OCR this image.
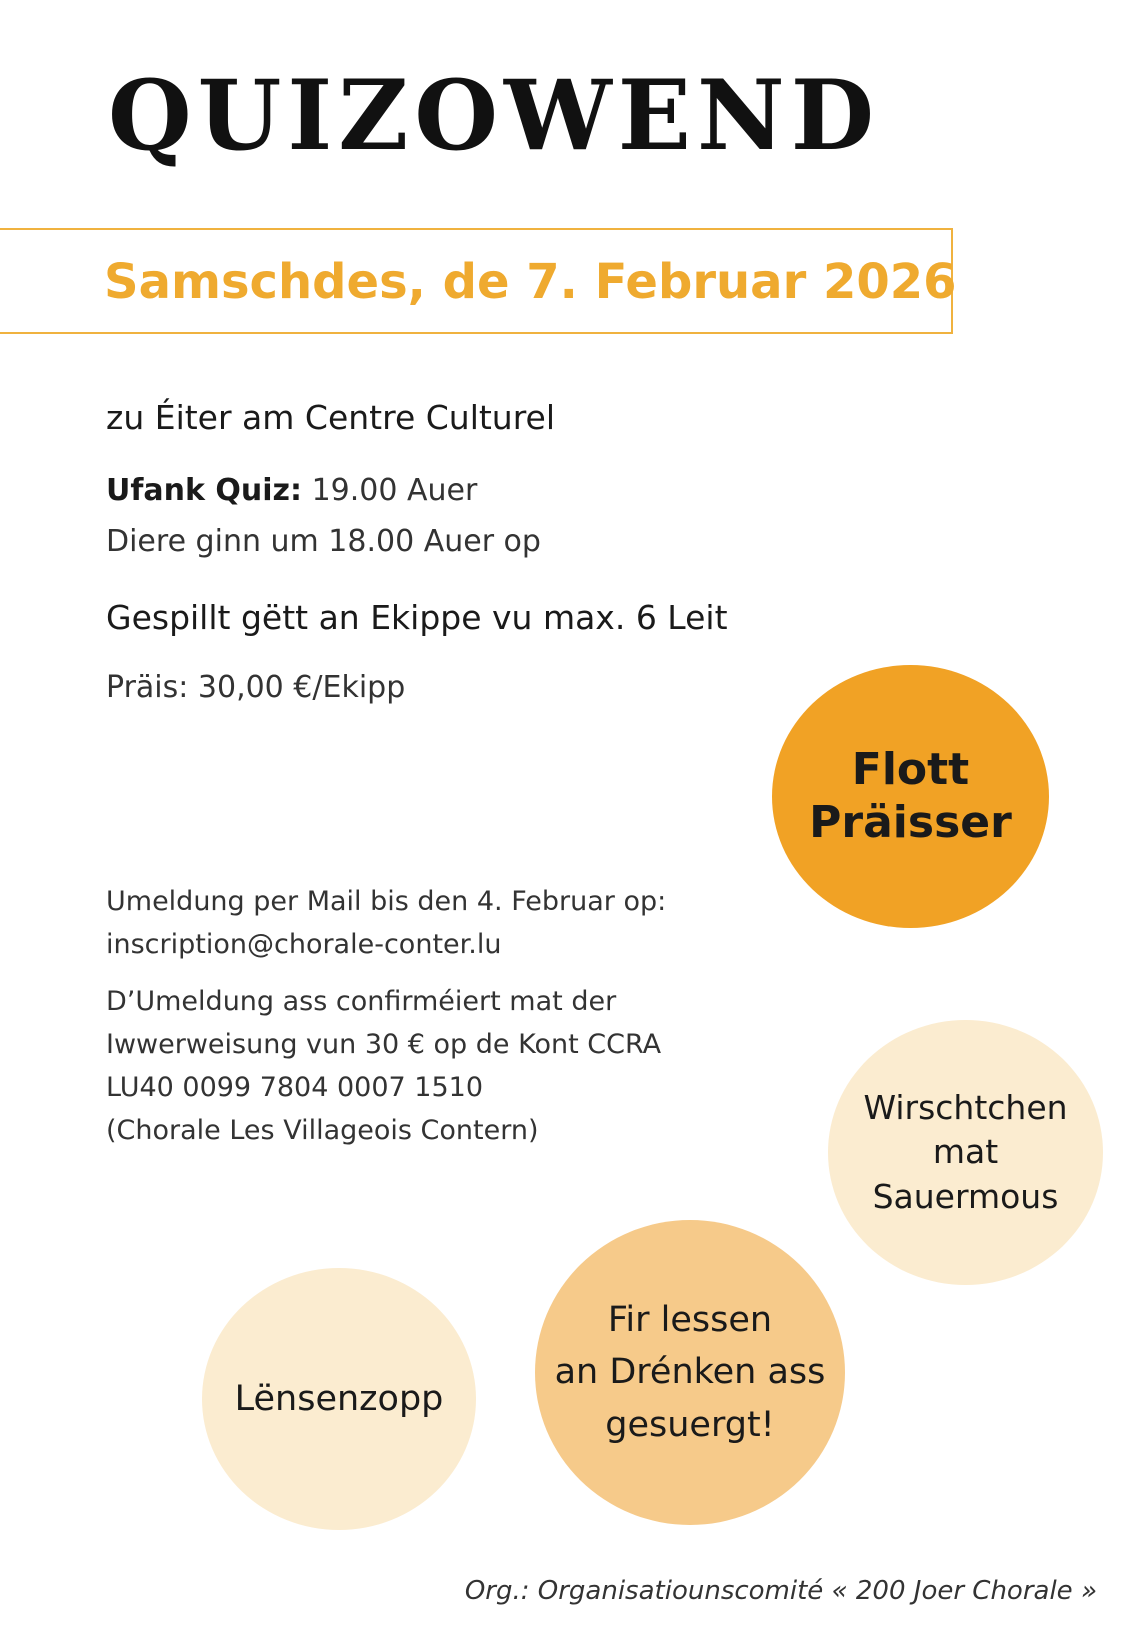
QUIZOWEND
Samschdes, de 7. Februar 2026
zu Éiter am Centre Culturel
Ufank Quiz: 19.00 Auer
Diere ginn um 18.00 Auer op
Gespillt gëtt an Ekippe vu max. 6 Leit
Präis: 30,00 €/Ekipp
Umeldung per Mail bis den 4. Februar op:
inscription@chorale-conter.lu
D’Umeldung ass confirméiert mat der
Iwwerweisung vun 30 € op de Kont CCRA
LU40 0099 7804 0007 1510
(Chorale Les Villageois Contern)
Flott
Präisser
Wirschtchen
mat
Sauermous
Lënsenzopp
Fir lessen
an Drénken ass
gesuergt!
Org.: Organisatiounscomité « 200 Joer Chorale »
